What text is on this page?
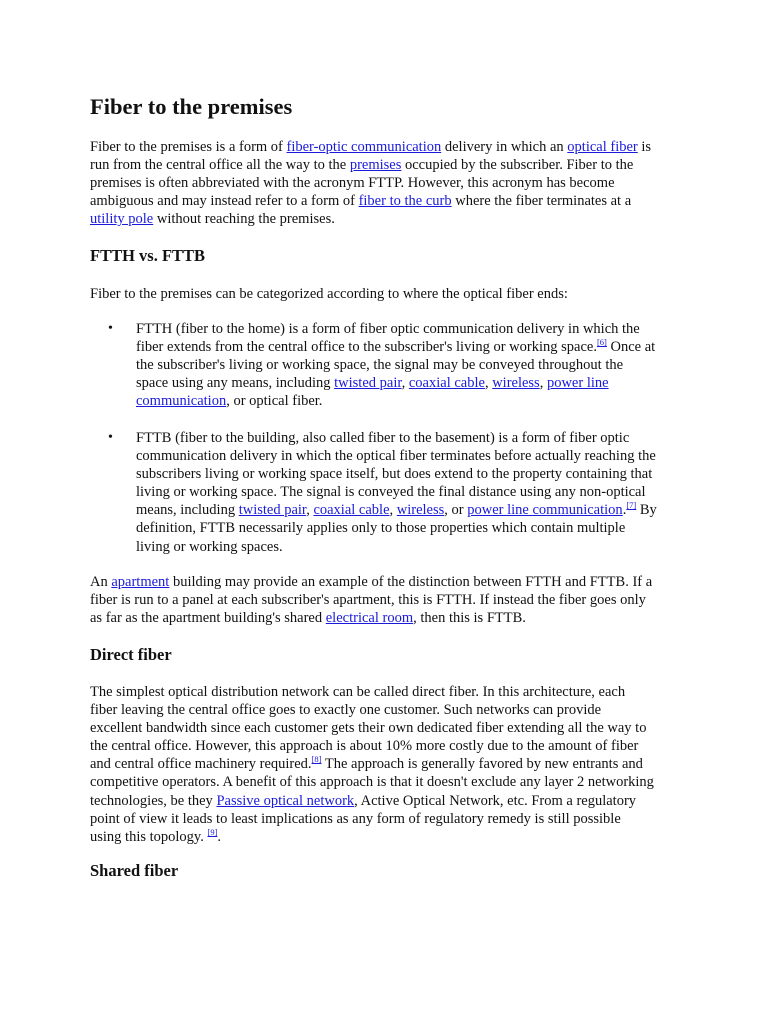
Fiber to the premises
Fiber to the premises is a form of fiber-optic communication delivery in which an optical fiber is
run from the central office all the way to the premises occupied by the subscriber. Fiber to the
premises is often abbreviated with the acronym FTTP. However, this acronym has become
ambiguous and may instead refer to a form of fiber to the curb where the fiber terminates at a
utility pole without reaching the premises.
FTTH vs. FTTB
Fiber to the premises can be categorized according to where the optical fiber ends:
• FTTH (fiber to the home) is a form of fiber optic communication delivery in which the
fiber extends from the central office to the subscriber's living or working space.[6] Once at
the subscriber's living or working space, the signal may be conveyed throughout the
space using any means, including twisted pair, coaxial cable, wireless, power line
communication, or optical fiber.
• FTTB (fiber to the building, also called fiber to the basement) is a form of fiber optic
communication delivery in which the optical fiber terminates before actually reaching the
subscribers living or working space itself, but does extend to the property containing that
living or working space. The signal is conveyed the final distance using any non-optical
means, including twisted pair, coaxial cable, wireless, or power line communication.[7] By
definition, FTTB necessarily applies only to those properties which contain multiple
living or working spaces.
An apartment building may provide an example of the distinction between FTTH and FTTB. If a
fiber is run to a panel at each subscriber's apartment, this is FTTH. If instead the fiber goes only
as far as the apartment building's shared electrical room, then this is FTTB.
Direct fiber
The simplest optical distribution network can be called direct fiber. In this architecture, each
fiber leaving the central office goes to exactly one customer. Such networks can provide
excellent bandwidth since each customer gets their own dedicated fiber extending all the way to
the central office. However, this approach is about 10% more costly due to the amount of fiber
and central office machinery required.[8] The approach is generally favored by new entrants and
competitive operators. A benefit of this approach is that it doesn't exclude any layer 2 networking
technologies, be they Passive optical network, Active Optical Network, etc. From a regulatory
point of view it leads to least implications as any form of regulatory remedy is still possible
using this topology. [9].
Shared fiber
